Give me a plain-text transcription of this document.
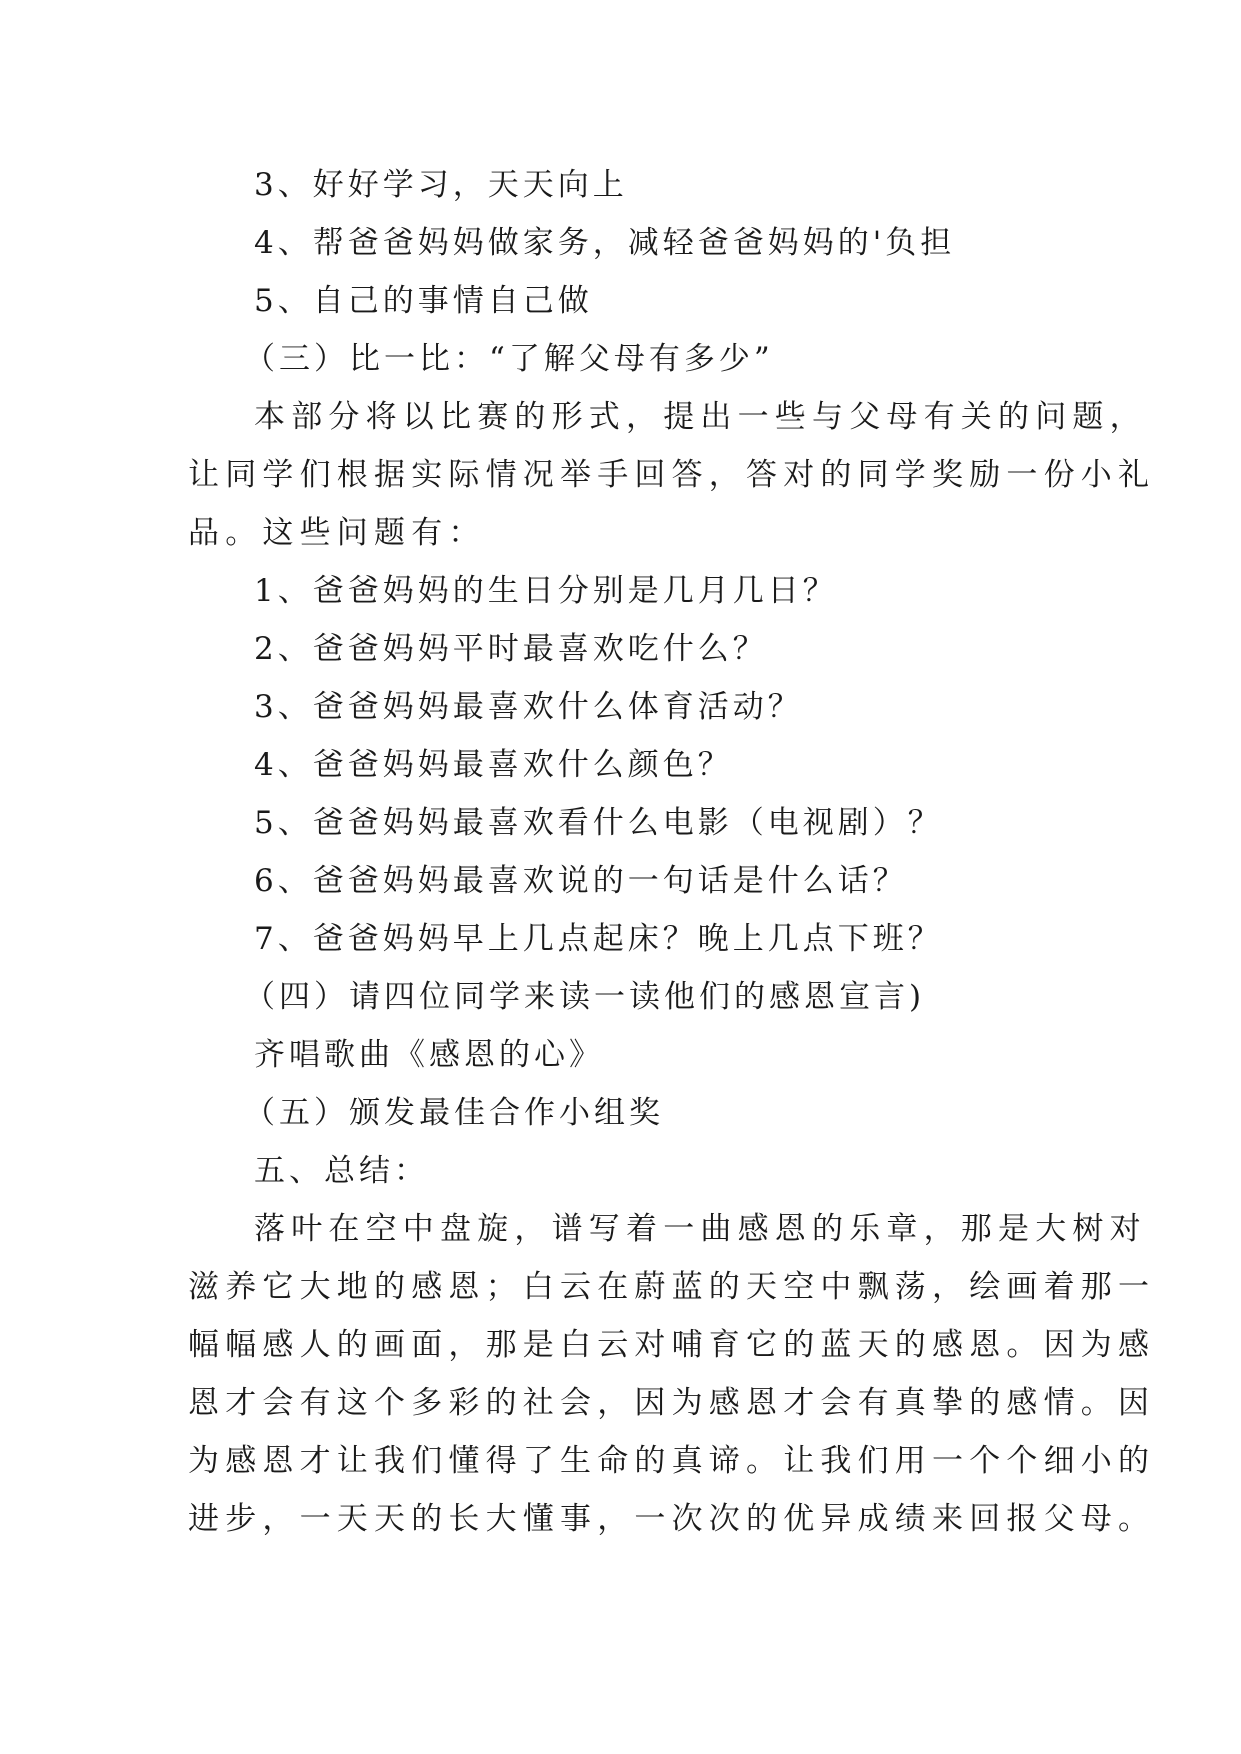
3、好好学习，天天向上
4、帮爸爸妈妈做家务，减轻爸爸妈妈的'负担
5、自己的事情自己做
（三）比一比：“了解父母有多少”
本部分将以比赛的形式，提出一些与父母有关的问题，
让同学们根据实际情况举手回答，答对的同学奖励一份小礼
品。这些问题有：
1、爸爸妈妈的生日分别是几月几日？
2、爸爸妈妈平时最喜欢吃什么？
3、爸爸妈妈最喜欢什么体育活动？
4、爸爸妈妈最喜欢什么颜色？
5、爸爸妈妈最喜欢看什么电影（电视剧）？
6、爸爸妈妈最喜欢说的一句话是什么话？
7、爸爸妈妈早上几点起床？晚上几点下班？
（四）请四位同学来读一读他们的感恩宣言)
齐唱歌曲《感恩的心》
（五）颁发最佳合作小组奖
五、总结：
落叶在空中盘旋，谱写着一曲感恩的乐章，那是大树对
滋养它大地的感恩；白云在蔚蓝的天空中飘荡，绘画着那一
幅幅感人的画面，那是白云对哺育它的蓝天的感恩。因为感
恩才会有这个多彩的社会，因为感恩才会有真挚的感情。因
为感恩才让我们懂得了生命的真谛。让我们用一个个细小的
进步，一天天的长大懂事，一次次的优异成绩来回报父母。
